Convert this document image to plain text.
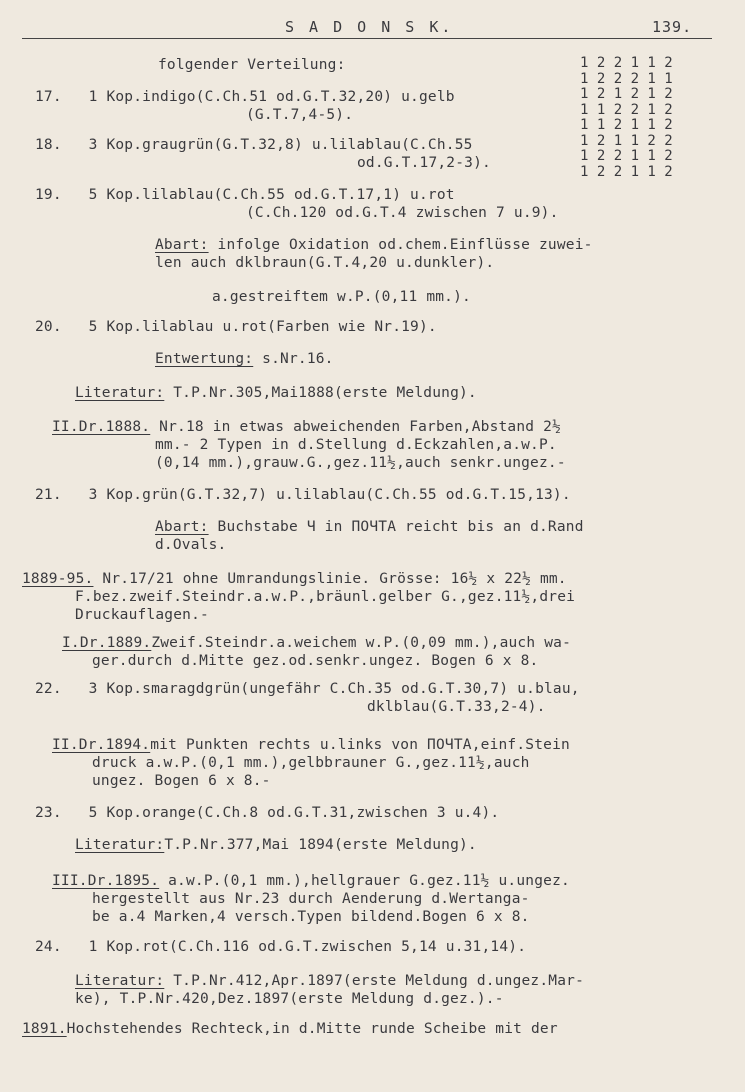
S A D O N S K.	139.
1 2 2 1 1 2
1 2 2 2 1 1
1 2 1 2 1 2
1 1 2 2 1 2
1 1 2 1 1 2
1 2 1 1 2 2
1 2 2 1 1 2
1 2 2 1 1 2
folgender Verteilung:
17.   1 Kop.indigo(C.Ch.51 od.G.T.32,20) u.gelb
(G.T.7,4-5).
18.   3 Kop.graugrün(G.T.32,8) u.lilablau(C.Ch.55
od.G.T.17,2-3).
19.   5 Kop.lilablau(C.Ch.55 od.G.T.17,1) u.rot
(C.Ch.120 od.G.T.4 zwischen 7 u.9).
Abart: infolge Oxidation od.chem.Einflüsse zuwei-
len auch dklbraun(G.T.4,20 u.dunkler).
a.gestreiftem w.P.(0,11 mm.).
20.   5 Kop.lilablau u.rot(Farben wie Nr.19).
Entwertung: s.Nr.16.
Literatur: T.P.Nr.305,Mai1888(erste Meldung).
II.Dr.1888. Nr.18 in etwas abweichenden Farben,Abstand 2½
mm.- 2 Typen in d.Stellung d.Eckzahlen,a.w.P.
(0,14 mm.),grauw.G.,gez.11½,auch senkr.ungez.-
21.   3 Kop.grün(G.T.32,7) u.lilablau(C.Ch.55 od.G.T.15,13).
Abart: Buchstabe Ч in ПОЧТА reicht bis an d.Rand
d.Ovals.
1889-95. Nr.17/21 ohne Umrandungslinie. Grösse: 16½ x 22½ mm.
F.bez.zweif.Steindr.a.w.P.,bräunl.gelber G.,gez.11½,drei
Druckauflagen.-
I.Dr.1889.Zweif.Steindr.a.weichem w.P.(0,09 mm.),auch wa-
ger.durch d.Mitte gez.od.senkr.ungez. Bogen 6 x 8.
22.   3 Kop.smaragdgrün(ungefähr C.Ch.35 od.G.T.30,7) u.blau,
dklblau(G.T.33,2-4).
II.Dr.1894.mit Punkten rechts u.links von ПОЧТА,einf.Stein
druck a.w.P.(0,1 mm.),gelbbrauner G.,gez.11½,auch
ungez. Bogen 6 x 8.-
23.   5 Kop.orange(C.Ch.8 od.G.T.31,zwischen 3 u.4).
Literatur:T.P.Nr.377,Mai 1894(erste Meldung).
III.Dr.1895. a.w.P.(0,1 mm.),hellgrauer G.gez.11½ u.ungez.
hergestellt aus Nr.23 durch Aenderung d.Wertanga-
be a.4 Marken,4 versch.Typen bildend.Bogen 6 x 8.
24.   1 Kop.rot(C.Ch.116 od.G.T.zwischen 5,14 u.31,14).
Literatur: T.P.Nr.412,Apr.1897(erste Meldung d.ungez.Mar-
ke), T.P.Nr.420,Dez.1897(erste Meldung d.gez.).-
1891.Hochstehendes Rechteck,in d.Mitte runde Scheibe mit der
